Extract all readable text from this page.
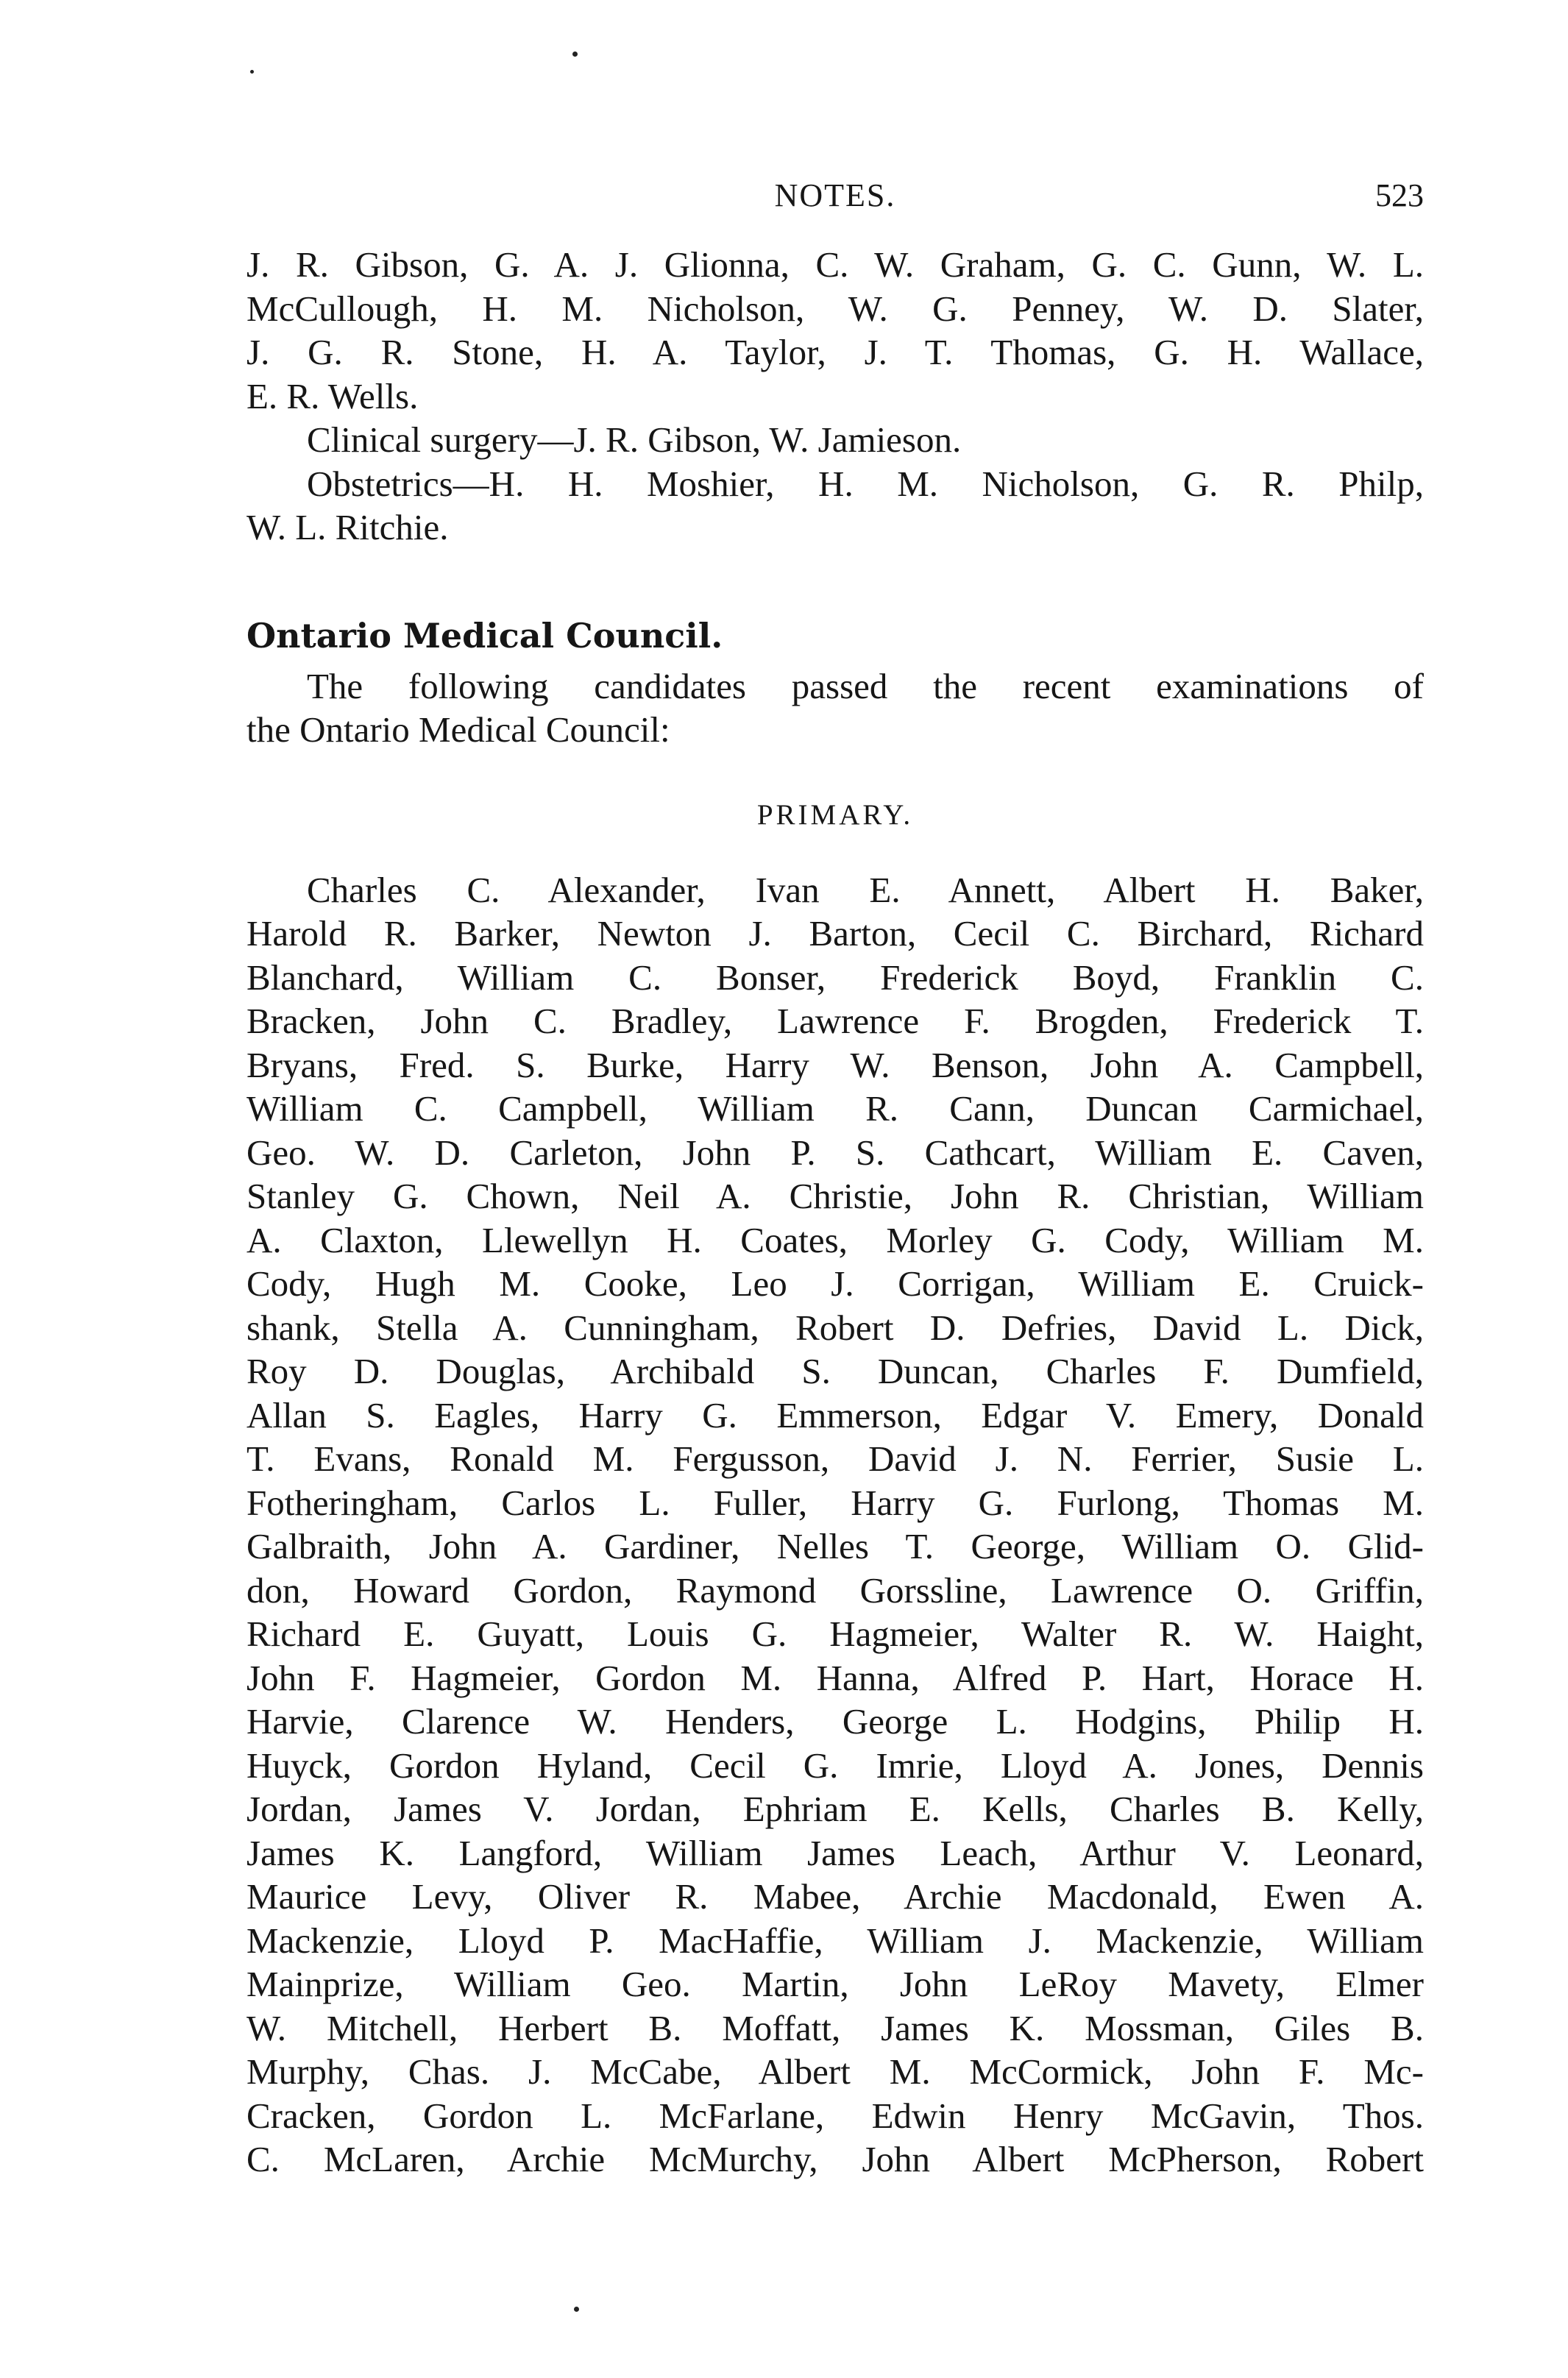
NOTES.	523
J. R. Gibson, G. A. J. Glionna, C. W. Graham, G. C. Gunn, W. L.
McCullough, H. M. Nicholson, W. G. Penney, W. D. Slater,
J. G. R. Stone, H. A. Taylor, J. T. Thomas, G. H. Wallace,
E. R. Wells.
Clinical surgery—J. R. Gibson, W. Jamieson.
Obstetrics—H. H. Moshier, H. M. Nicholson, G. R. Philp,
W. L. Ritchie.
Ontario Medical Council.
The following candidates passed the recent examinations of
the Ontario Medical Council:
PRIMARY.
Charles C. Alexander, Ivan E. Annett, Albert H. Baker,
Harold R. Barker, Newton J. Barton, Cecil C. Birchard, Richard
Blanchard, William C. Bonser, Frederick Boyd, Franklin C.
Bracken, John C. Bradley, Lawrence F. Brogden, Frederick T.
Bryans, Fred. S. Burke, Harry W. Benson, John A. Campbell,
William C. Campbell, William R. Cann, Duncan Carmichael,
Geo. W. D. Carleton, John P. S. Cathcart, William E. Caven,
Stanley G. Chown, Neil A. Christie, John R. Christian, William
A. Claxton, Llewellyn H. Coates, Morley G. Cody, William M.
Cody, Hugh M. Cooke, Leo J. Corrigan, William E. Cruick-
shank, Stella A. Cunningham, Robert D. Defries, David L. Dick,
Roy D. Douglas, Archibald S. Duncan, Charles F. Dumfield,
Allan S. Eagles, Harry G. Emmerson, Edgar V. Emery, Donald
T. Evans, Ronald M. Fergusson, David J. N. Ferrier, Susie L.
Fotheringham, Carlos L. Fuller, Harry G. Furlong, Thomas M.
Galbraith, John A. Gardiner, Nelles T. George, William O. Glid-
don, Howard Gordon, Raymond Gorssline, Lawrence O. Griffin,
Richard E. Guyatt, Louis G. Hagmeier, Walter R. W. Haight,
John F. Hagmeier, Gordon M. Hanna, Alfred P. Hart, Horace H.
Harvie, Clarence W. Henders, George L. Hodgins, Philip H.
Huyck, Gordon Hyland, Cecil G. Imrie, Lloyd A. Jones, Dennis
Jordan, James V. Jordan, Ephriam E. Kells, Charles B. Kelly,
James K. Langford, William James Leach, Arthur V. Leonard,
Maurice Levy, Oliver R. Mabee, Archie Macdonald, Ewen A.
Mackenzie, Lloyd P. MacHaffie, William J. Mackenzie, William
Mainprize, William Geo. Martin, John LeRoy Mavety, Elmer
W. Mitchell, Herbert B. Moffatt, James K. Mossman, Giles B.
Murphy, Chas. J. McCabe, Albert M. McCormick, John F. Mc-
Cracken, Gordon L. McFarlane, Edwin Henry McGavin, Thos.
C. McLaren, Archie McMurchy, John Albert McPherson, Robert
